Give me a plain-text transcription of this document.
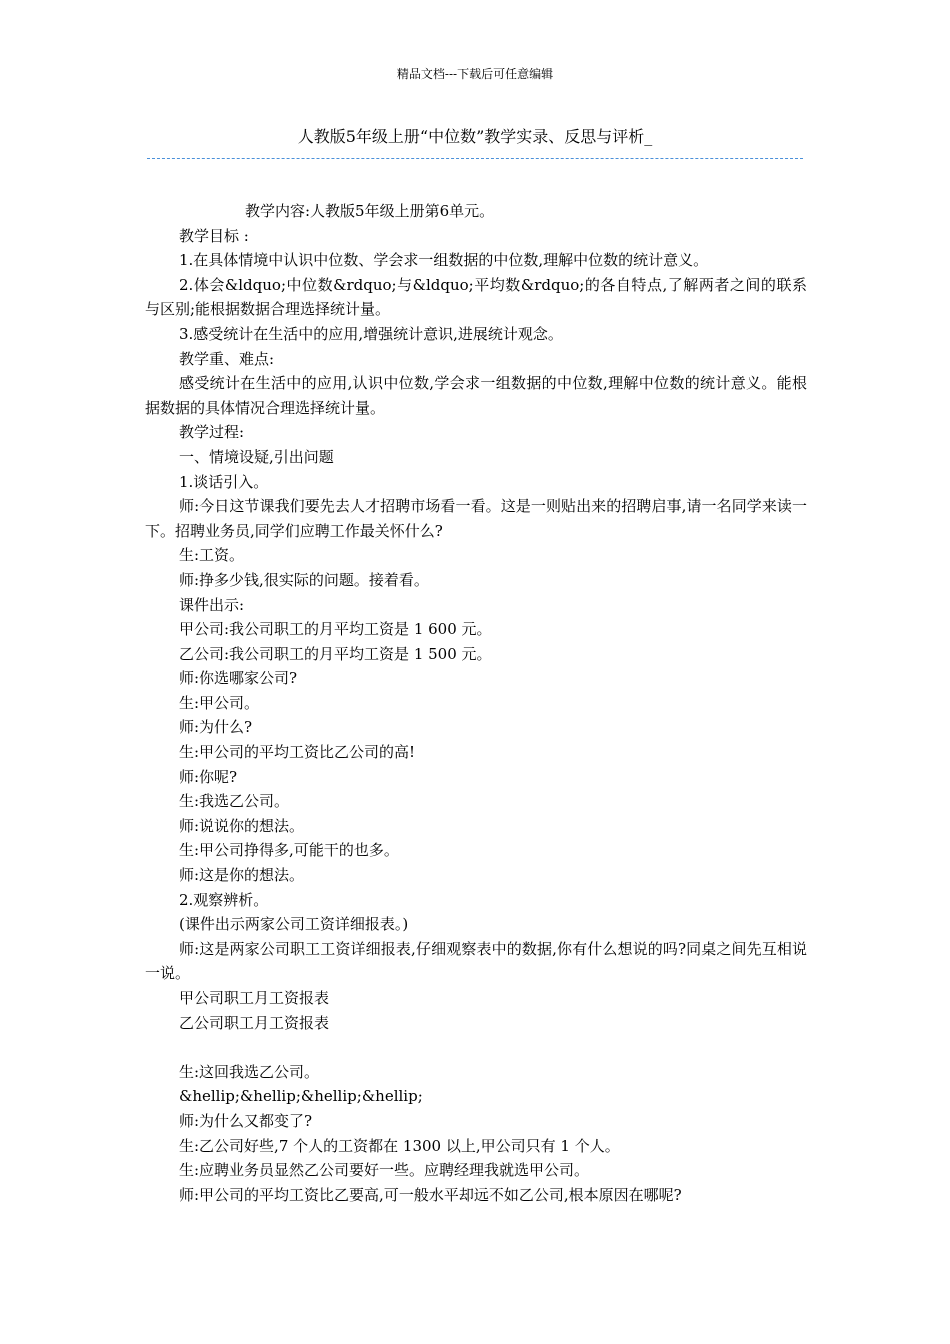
精品文档---下载后可任意编辑
人教版5年级上册“中位数”教学实录、反思与评析_

教学内容:人教版5年级上册第6单元。

教学目标 :

1.在具体情境中认识中位数、学会求一组数据的中位数,理解中位数的统计意义。

2.体会&ldquo;中位数&rdquo;与&ldquo;平均数&rdquo;的各自特点,了解两者之间的联系与区别;能根据数据合理选择统计量。

3.感受统计在生活中的应用,增强统计意识,进展统计观念。

教学重、难点:

感受统计在生活中的应用,认识中位数,学会求一组数据的中位数,理解中位数的统计意义。能根据数据的具体情况合理选择统计量。

教学过程:

一、情境设疑,引出问题

1.谈话引入。

师:今日这节课我们要先去人才招聘市场看一看。这是一则贴出来的招聘启事,请一名同学来读一下。招聘业务员,同学们应聘工作最关怀什么?

生:工资。

师:挣多少钱,很实际的问题。接着看。

课件出示:

甲公司:我公司职工的月平均工资是 1 600 元。

乙公司:我公司职工的月平均工资是 1 500 元。

师:你选哪家公司?

生:甲公司。

师:为什么?

生:甲公司的平均工资比乙公司的高!

师:你呢?

生:我选乙公司。

师:说说你的想法。

生:甲公司挣得多,可能干的也多。

师:这是你的想法。

2.观察辨析。

(课件出示两家公司工资详细报表。)

师:这是两家公司职工工资详细报表,仔细观察表中的数据,你有什么想说的吗?同桌之间先互相说一说。

甲公司职工月工资报表

乙公司职工月工资报表

生:这回我选乙公司。

&hellip;&hellip;&hellip;&hellip;

师:为什么又都变了?

生:乙公司好些,7 个人的工资都在 1300 以上,甲公司只有 1 个人。

生:应聘业务员显然乙公司要好一些。应聘经理我就选甲公司。

师:甲公司的平均工资比乙要高,可一般水平却远不如乙公司,根本原因在哪呢?
